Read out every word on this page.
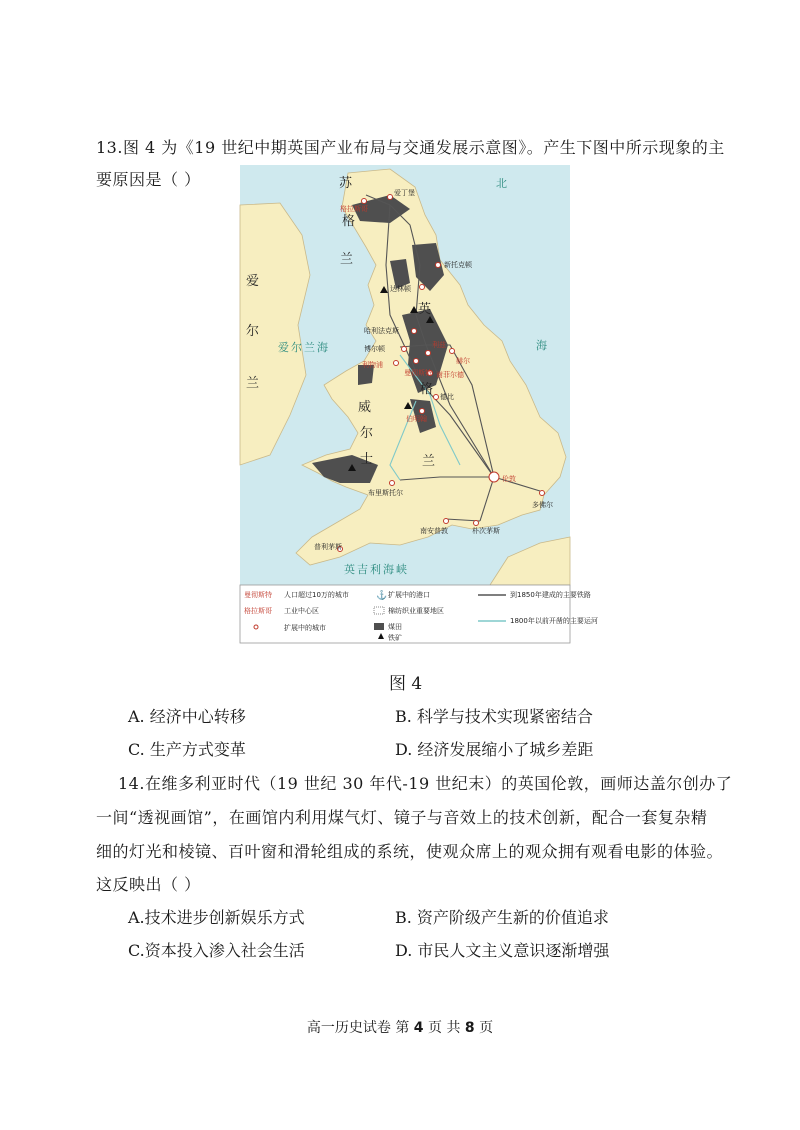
13.图 4 为《19 世纪中期英国产业布局与交通发展示意图》。产生下图中所示现象的主
要原因是（ ）	苏
格
兰
爱
尔
兰
英
格
威
尔
士	兰
北
海
爱尔兰海
英吉利海峡
爱丁堡
格拉斯哥
新托克顿
达林顿
赫尔
哈利法克斯
博尔顿
利物浦
曼彻斯特
利兹
谢菲尔德
伯明翰
德比
布里斯托尔
伦敦
多佛尔
南安普敦	朴次茅斯
普利茅斯
曼彻斯特 人口超过10万的城市
格拉斯哥 工业中心区
扩展中的城市
⚓ 扩展中的港口
棉纺织业重要地区
煤田
铁矿
到1850年建成的主要铁路
1800年以前开凿的主要运河
图 4
A. 经济中心转移	B. 科学与技术实现紧密结合
C. 生产方式变革	D. 经济发展缩小了城乡差距
14.在维多利亚时代（19 世纪 30 年代-19 世纪末）的英国伦敦，画师达盖尔创办了
一间“透视画馆”，在画馆内利用煤气灯、镜子与音效上的技术创新，配合一套复杂精
细的灯光和棱镜、百叶窗和滑轮组成的系统，使观众席上的观众拥有观看电影的体验。
这反映出（ ）
A.技术进步创新娱乐方式	B. 资产阶级产生新的价值追求
C.资本投入渗入社会生活	D. 市民人文主义意识逐渐增强
高一历史试卷 第 4 页 共 8 页
